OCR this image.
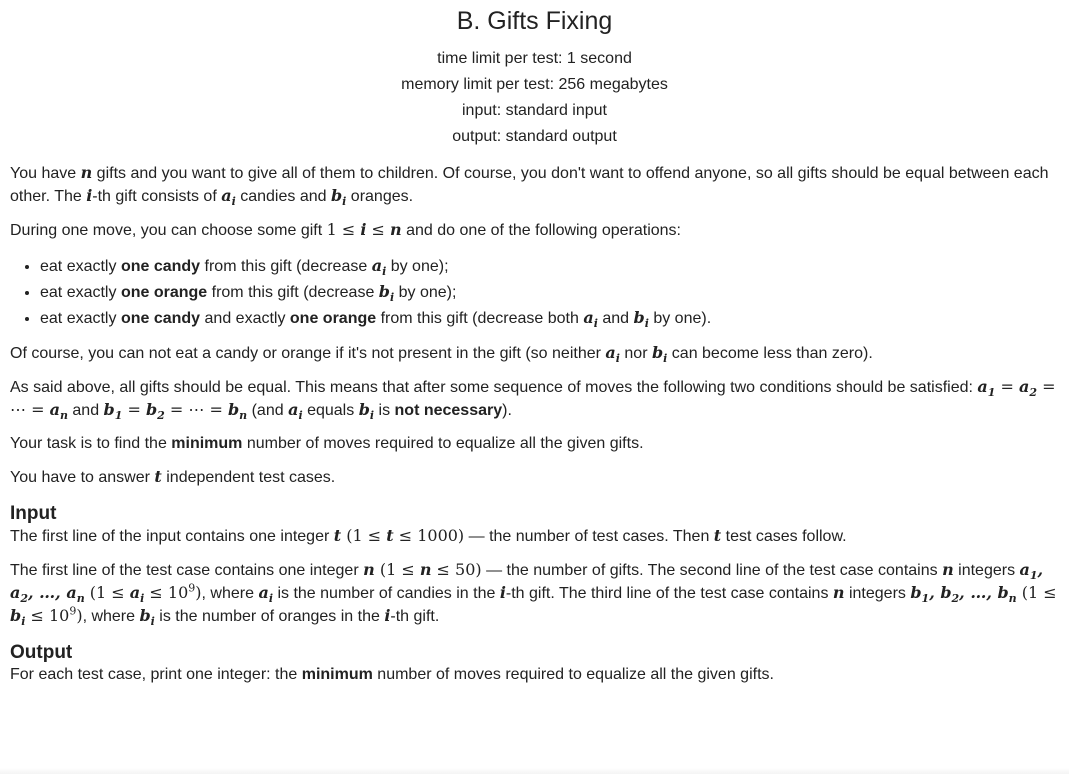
B. Gifts Fixing
time limit per test: 1 second
memory limit per test: 256 megabytes
input: standard input
output: standard output

You have n gifts and you want to give all of them to children. Of course, you don't want to offend anyone, so all gifts should be equal between each other. The i-th gift consists of $a_i$ candies and $b_i$ oranges.

During one move, you can choose some gift 1 ≤ i ≤ n and do one of the following operations:

• eat exactly one candy from this gift (decrease $a_i$ by one);
• eat exactly one orange from this gift (decrease $b_i$ by one);
• eat exactly one candy and exactly one orange from this gift (decrease both $a_i$ and $b_i$ by one).

Of course, you can not eat a candy or orange if it's not present in the gift (so neither $a_i$ nor $b_i$ can become less than zero).

As said above, all gifts should be equal. This means that after some sequence of moves the following two conditions should be satisfied: $a_1 = a_2$ = ⋯ = $a_n$ and $b_1 = b_2$ = ⋯ = $b_n$ (and $a_i$ equals $b_i$ is not necessary).

Your task is to find the minimum number of moves required to equalize all the given gifts.

You have to answer t independent test cases.

Input

The first line of the input contains one integer t (1 ≤ t ≤ 1000) — the number of test cases. Then t test cases follow.

The first line of the test case contains one integer n (1 ≤ n ≤ 50) — the number of gifts. The second line of the test case contains n integers $a_1$, $a_2$, …, $a_n$ $(1 \le a_i \le 10^9)$, where $a_i$ is the number of candies in the i-th gift. The third line of the test case contains n integers $b_1$, $b_2$, …, $b_n$ $(1 \le b_i \le 10^9)$, where $b_i$ is the number of oranges in the i-th gift.

Output

For each test case, print one integer: the minimum number of moves required to equalize all the given gifts.
